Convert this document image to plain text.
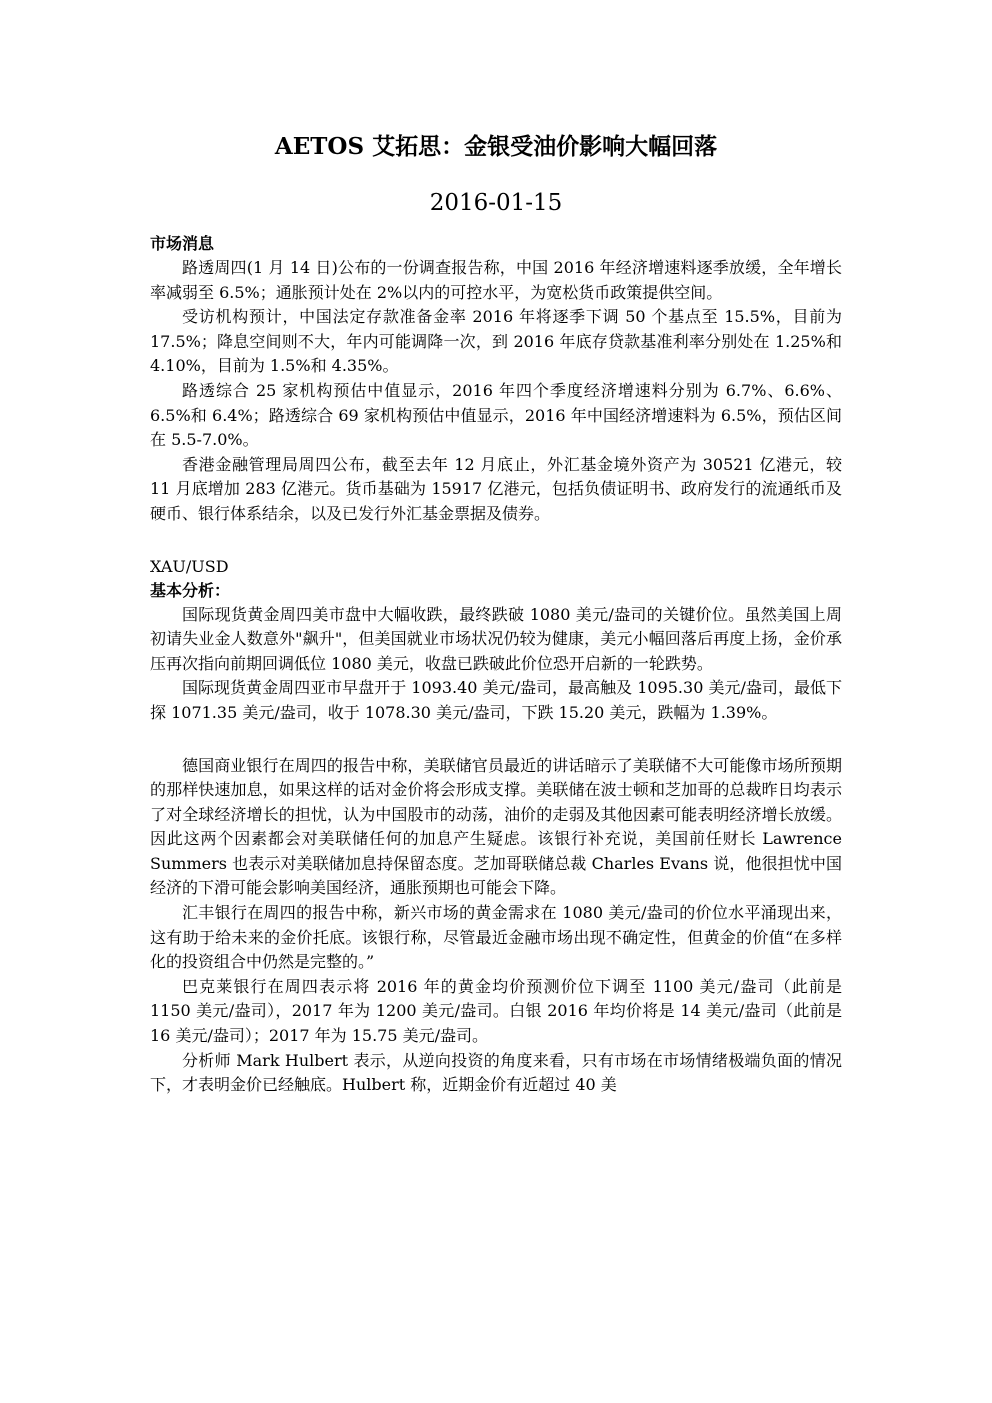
AETOS 艾拓思：金银受油价影响大幅回落
2016-01-15
市场消息

路透周四(1 月 14 日)公布的一份调查报告称，中国 2016 年经济增速料逐季放缓，全年增长率减弱至 6.5%；通胀预计处在 2%以内的可控水平，为宽松货币政策提供空间。

受访机构预计，中国法定存款准备金率 2016 年将逐季下调 50 个基点至 15.5%，目前为 17.5%；降息空间则不大，年内可能调降一次，到 2016 年底存贷款基准利率分别处在 1.25%和 4.10%，目前为 1.5%和 4.35%。

路透综合 25 家机构预估中值显示，2016 年四个季度经济增速料分别为 6.7%、6.6%、6.5%和 6.4%；路透综合 69 家机构预估中值显示，2016 年中国经济增速料为 6.5%，预估区间在 5.5-7.0%。

香港金融管理局周四公布，截至去年 12 月底止，外汇基金境外资产为 30521 亿港元，较 11 月底增加 283 亿港元。货币基础为 15917 亿港元，包括负债证明书、政府发行的流通纸币及硬币、银行体系结余，以及已发行外汇基金票据及债券。

XAU/USD
基本分析：

国际现货黄金周四美市盘中大幅收跌，最终跌破 1080 美元/盎司的关键价位。虽然美国上周初请失业金人数意外"飙升"，但美国就业市场状况仍较为健康，美元小幅回落后再度上扬，金价承压再次指向前期回调低位 1080 美元，收盘已跌破此价位恐开启新的一轮跌势。

国际现货黄金周四亚市早盘开于 1093.40 美元/盎司，最高触及 1095.30 美元/盎司，最低下探 1071.35 美元/盎司，收于 1078.30 美元/盎司，下跌 15.20 美元，跌幅为 1.39%。

德国商业银行在周四的报告中称，美联储官员最近的讲话暗示了美联储不大可能像市场所预期的那样快速加息，如果这样的话对金价将会形成支撑。美联储在波士顿和芝加哥的总裁昨日均表示了对全球经济增长的担忧，认为中国股市的动荡，油价的走弱及其他因素可能表明经济增长放缓。因此这两个因素都会对美联储任何的加息产生疑虑。该银行补充说，美国前任财长 Lawrence Summers 也表示对美联储加息持保留态度。芝加哥联储总裁 Charles Evans 说，他很担忧中国经济的下滑可能会影响美国经济，通胀预期也可能会下降。

汇丰银行在周四的报告中称，新兴市场的黄金需求在 1080 美元/盎司的价位水平涌现出来，这有助于给未来的金价托底。该银行称，尽管最近金融市场出现不确定性，但黄金的价值“在多样化的投资组合中仍然是完整的。”

巴克莱银行在周四表示将 2016 年的黄金均价预测价位下调至 1100 美元/盎司（此前是 1150 美元/盎司），2017 年为 1200 美元/盎司。白银 2016 年均价将是 14 美元/盎司（此前是 16 美元/盎司）；2017 年为 15.75 美元/盎司。

分析师 Mark Hulbert 表示，从逆向投资的角度来看，只有市场在市场情绪极端负面的情况下，才表明金价已经触底。Hulbert 称，近期金价有近超过 40 美
